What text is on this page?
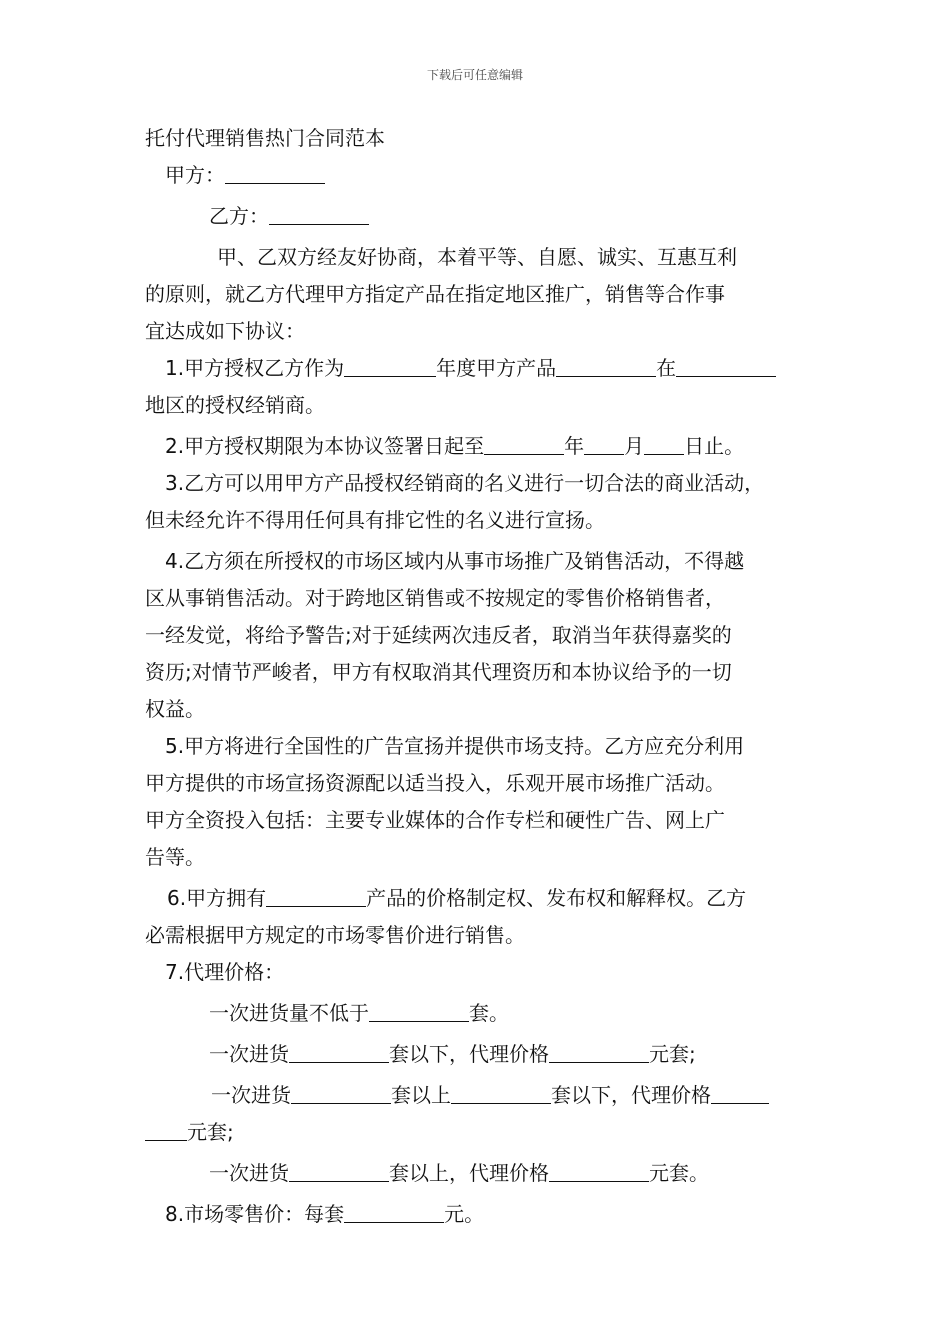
下载后可任意编辑
托付代理销售热门合同范本
甲方：
乙方：
甲、乙双方经友好协商，本着平等、自愿、诚实、互惠互利
的原则，就乙方代理甲方指定产品在指定地区推广，销售等合作事
宜达成如下协议：
1.甲方授权乙方作为	年度甲方产品	在
地区的授权经销商。
2.甲方授权期限为本协议签署日起至	年 月 日止。
3.乙方可以用甲方产品授权经销商的名义进行一切合法的商业活动，
但未经允许不得用任何具有排它性的名义进行宣扬。
4.乙方须在所授权的市场区域内从事市场推广及销售活动，不得越
区从事销售活动。对于跨地区销售或不按规定的零售价格销售者，
一经发觉，将给予警告;对于延续两次违反者，取消当年获得嘉奖的
资历;对情节严峻者，甲方有权取消其代理资历和本协议给予的一切
权益。
5.甲方将进行全国性的广告宣扬并提供市场支持。乙方应充分利用
甲方提供的市场宣扬资源配以适当投入，乐观开展市场推广活动。
甲方全资投入包括：主要专业媒体的合作专栏和硬性广告、网上广
告等。
6.甲方拥有	产品的价格制定权、发布权和解释权。乙方
必需根据甲方规定的市场零售价进行销售。
7.代理价格：
一次进货量不低于	套。
一次进货	套以下，代理价格	元套;
一次进货	套以上	套以下，代理价格
元套;
一次进货	套以上，代理价格	元套。
8.市场零售价：每套	元。
